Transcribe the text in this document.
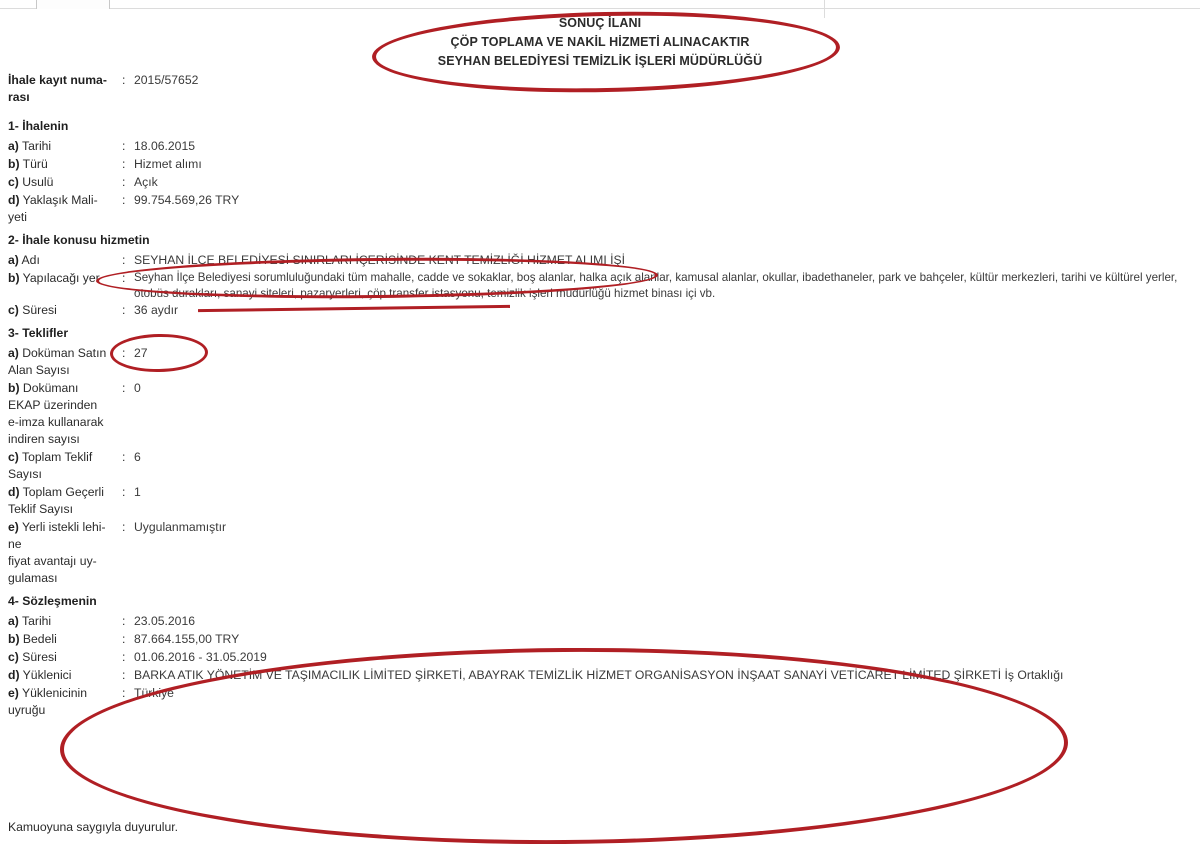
SONUÇ İLANI
ÇÖP TOPLAMA VE NAKİL HİZMETİ ALINACAKTIR
SEYHAN BELEDİYESİ TEMİZLİK İŞLERİ MÜDÜRLÜĞÜ
İhale kayıt numa-
rası
: 2015/57652
1- İhalenin
a) Tarihi	: 18.06.2015
b) Türü	: Hizmet alımı
c) Usulü	: Açık
d) Yaklaşık Mali-
yeti
: 99.754.569,26 TRY
2- İhale konusu hizmetin
a) Adı	: SEYHAN İLÇE BELEDİYESİ SINIRLARI İÇERİSİNDE KENT TEMİZLİĞİ HİZMET ALIMI İŞİ
b) Yapılacağı yer	: Seyhan İlçe Belediyesi sorumluluğundaki tüm mahalle, cadde ve sokaklar, boş alanlar, halka açık alanlar, kamusal alanlar, okullar, ibadethaneler, park ve bahçeler, kültür merkezleri, tarihi ve kültürel yerler, otobüs durakları, sanayi siteleri, pazaryerleri, çöp transfer istasyonu, temizlik işleri müdürlüğü hizmet binası içi vb.
c) Süresi	: 36 aydır
3- Teklifler
a) Doküman Satın
Alan Sayısı
: 27
b) Dokümanı
EKAP üzerinden
e-imza kullanarak
indiren sayısı
: 0
c) Toplam Teklif
Sayısı
: 6
d) Toplam Geçerli
Teklif Sayısı
: 1
e) Yerli istekli lehi-
ne
fiyat avantajı uy-
gulaması
: Uygulanmamıştır
4- Sözleşmenin
a) Tarihi	: 23.05.2016
b) Bedeli	: 87.664.155,00 TRY
c) Süresi	: 01.06.2016 - 31.05.2019
d) Yüklenici	: BARKA ATIK YÖNETİM VE TAŞIMACILIK LİMİTED ŞİRKETİ, ABAYRAK TEMİZLİK HİZMET ORGANİSASYON İNŞAAT SANAYİ VETİCARET LİMİTED ŞİRKETİ İş Ortaklığı
e) Yüklenicinin
uyruğu
: Türkiye
Kamuoyuna saygıyla duyurulur.
